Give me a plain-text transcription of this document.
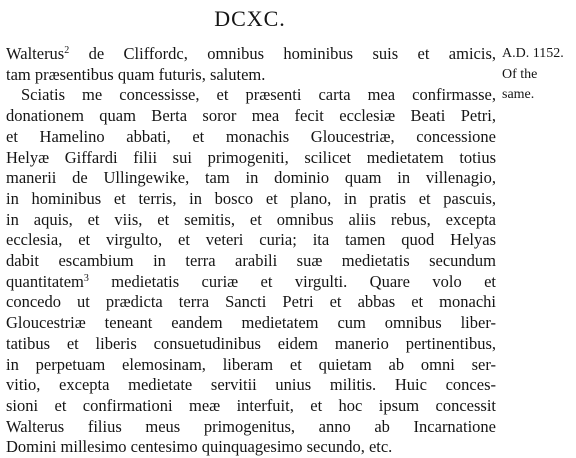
DCXC.
A.D. 1152.
Of the
same.
Walterus$^2$ de Cliffordc, omnibus hominibus suis et amicis,
tam præsentibus quam futuris, salutem.
Sciatis me concessisse, et præsenti carta mea confirmasse,
donationem quam Berta soror mea fecit ecclesiæ Beati Petri,
et Hamelino abbati, et monachis Gloucestriæ, concessione
Helyæ Giffardi filii sui primogeniti, scilicet medietatem totius
manerii de Ullingewike, tam in dominio quam in villenagio,
in hominibus et terris, in bosco et plano, in pratis et pascuis,
in aquis, et viis, et semitis, et omnibus aliis rebus, excepta
ecclesia, et virgulto, et veteri curia; ita tamen quod Helyas
dabit escambium in terra arabili suæ medietatis secundum
quantitatem$^3$ medietatis curiæ et virgulti. Quare volo et
concedo ut prædicta terra Sancti Petri et abbas et monachi
Gloucestriæ teneant eandem medietatem cum omnibus liber-
tatibus et liberis consuetudinibus eidem manerio pertinentibus,
in perpetuam elemosinam, liberam et quietam ab omni ser-
vitio, excepta medietate servitii unius militis. Huic conces-
sioni et confirmationi meæ interfuit, et hoc ipsum concessit
Walterus filius meus primogenitus, anno ab Incarnatione
Domini millesimo centesimo quinquagesimo secundo, etc.
